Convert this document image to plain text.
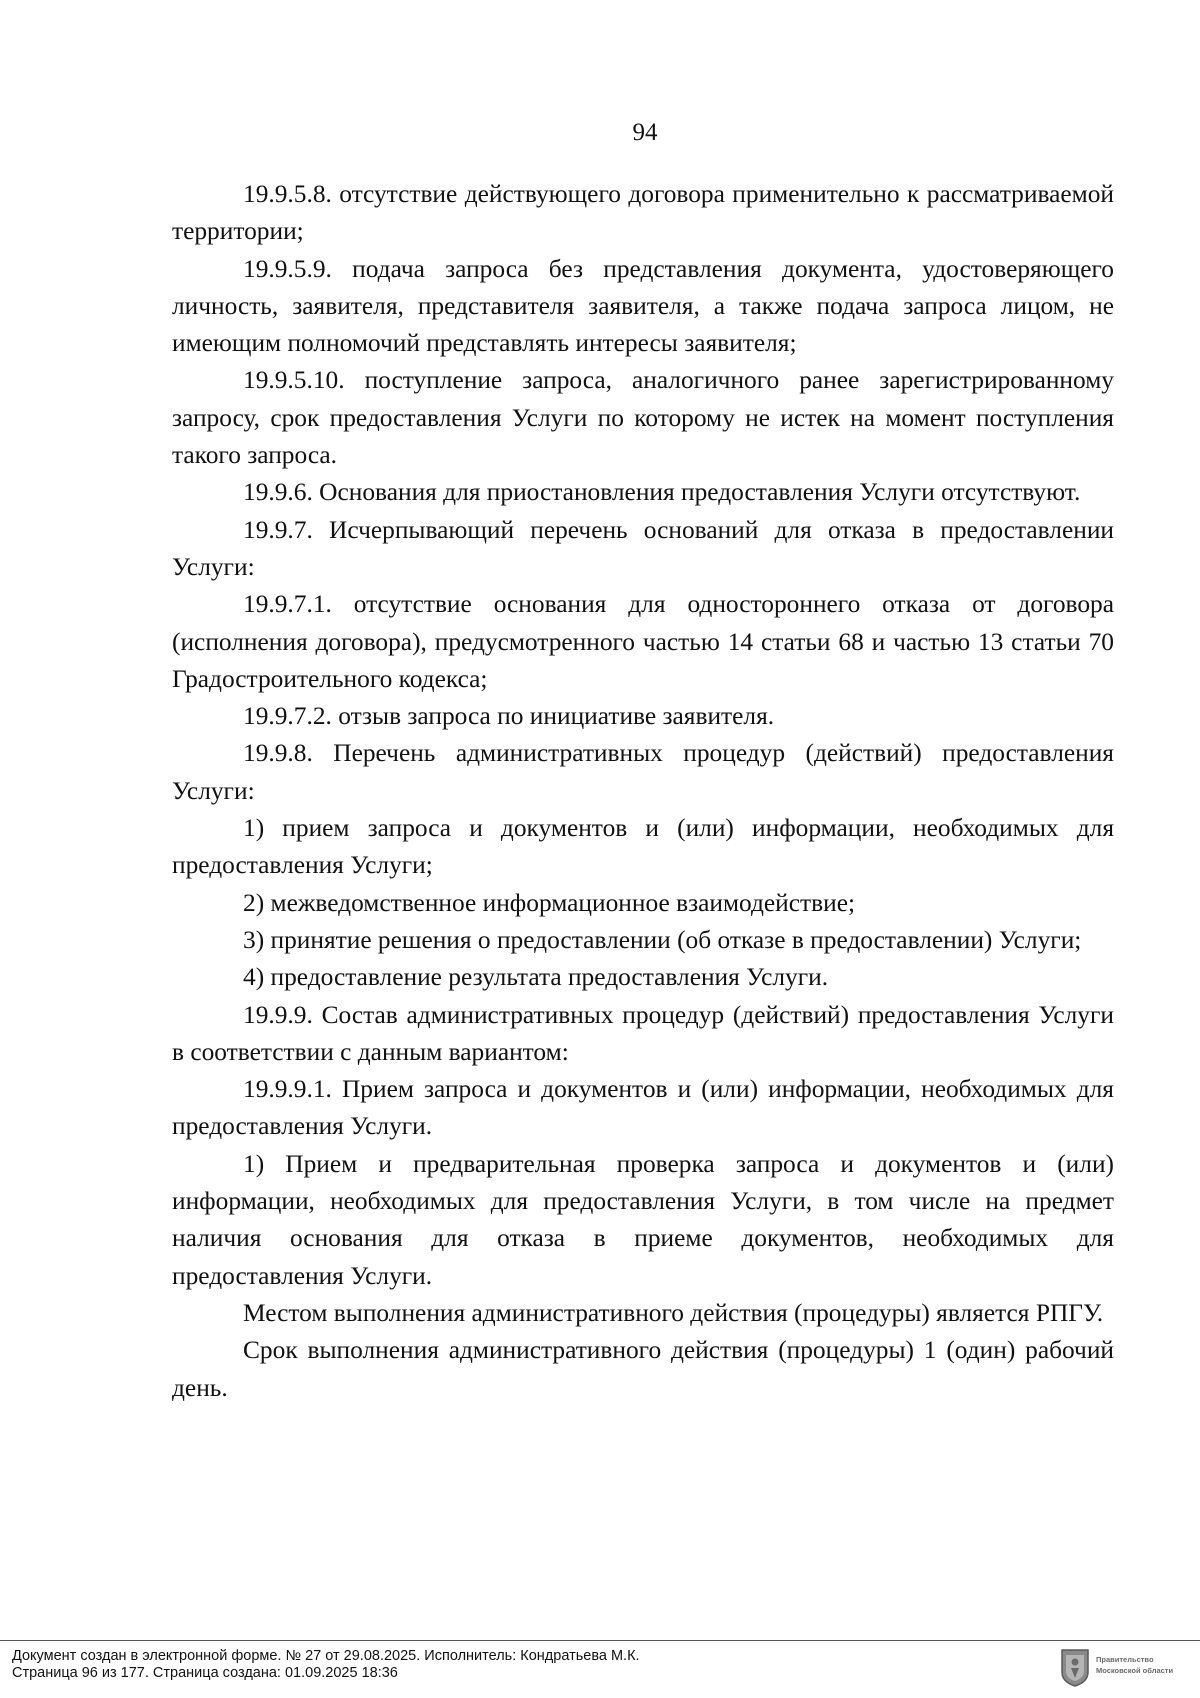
94

19.9.5.8. отсутствие действующего договора применительно к рассматриваемой территории;

19.9.5.9. подача запроса без представления документа, удостоверяющего личность, заявителя, представителя заявителя, а также подача запроса лицом, не имеющим полномочий представлять интересы заявителя;

19.9.5.10. поступление запроса, аналогичного ранее зарегистрированному запросу, срок предоставления Услуги по которому не истек на момент поступления такого запроса.

19.9.6. Основания для приостановления предоставления Услуги отсутствуют.

19.9.7. Исчерпывающий перечень оснований для отказа в предоставлении Услуги:

19.9.7.1. отсутствие основания для одностороннего отказа от договора (исполнения договора), предусмотренного частью 14 статьи 68 и частью 13 статьи 70 Градостроительного кодекса;

19.9.7.2. отзыв запроса по инициативе заявителя.

19.9.8. Перечень административных процедур (действий) предоставления Услуги:

1) прием запроса и документов и (или) информации, необходимых для предоставления Услуги;

2) межведомственное информационное взаимодействие;

3) принятие решения о предоставлении (об отказе в предоставлении) Услуги;

4) предоставление результата предоставления Услуги.

19.9.9. Состав административных процедур (действий) предоставления Услуги в соответствии с данным вариантом:

19.9.9.1. Прием запроса и документов и (или) информации, необходимых для предоставления Услуги.

1) Прием и предварительная проверка запроса и документов и (или) информации, необходимых для предоставления Услуги, в том числе на предмет наличия основания для отказа в приеме документов, необходимых для предоставления Услуги.

Местом выполнения административного действия (процедуры) является РПГУ.

Срок выполнения административного действия (процедуры) 1 (один) рабочий день.

Документ создан в электронной форме. № 27 от 29.08.2025. Исполнитель: Кондратьева М.К.
Страница 96 из 177. Страница создана: 01.09.2025 18:36
Правительство Московской области
